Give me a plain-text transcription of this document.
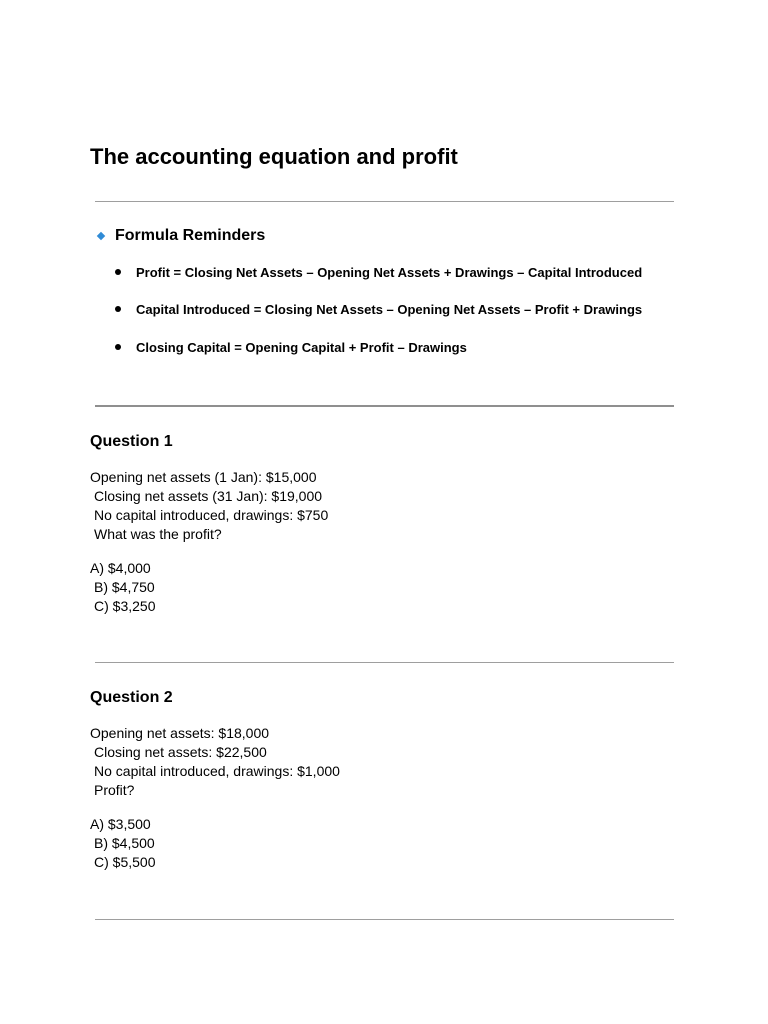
The accounting equation and profit
Formula Reminders
Profit = Closing Net Assets – Opening Net Assets + Drawings – Capital Introduced
Capital Introduced = Closing Net Assets – Opening Net Assets – Profit + Drawings
Closing Capital = Opening Capital + Profit – Drawings
Question 1
Opening net assets (1 Jan): $15,000
Closing net assets (31 Jan): $19,000
No capital introduced, drawings: $750
What was the profit?
A) $4,000
B) $4,750
C) $3,250
Question 2
Opening net assets: $18,000
Closing net assets: $22,500
No capital introduced, drawings: $1,000
Profit?
A) $3,500
B) $4,500
C) $5,500
